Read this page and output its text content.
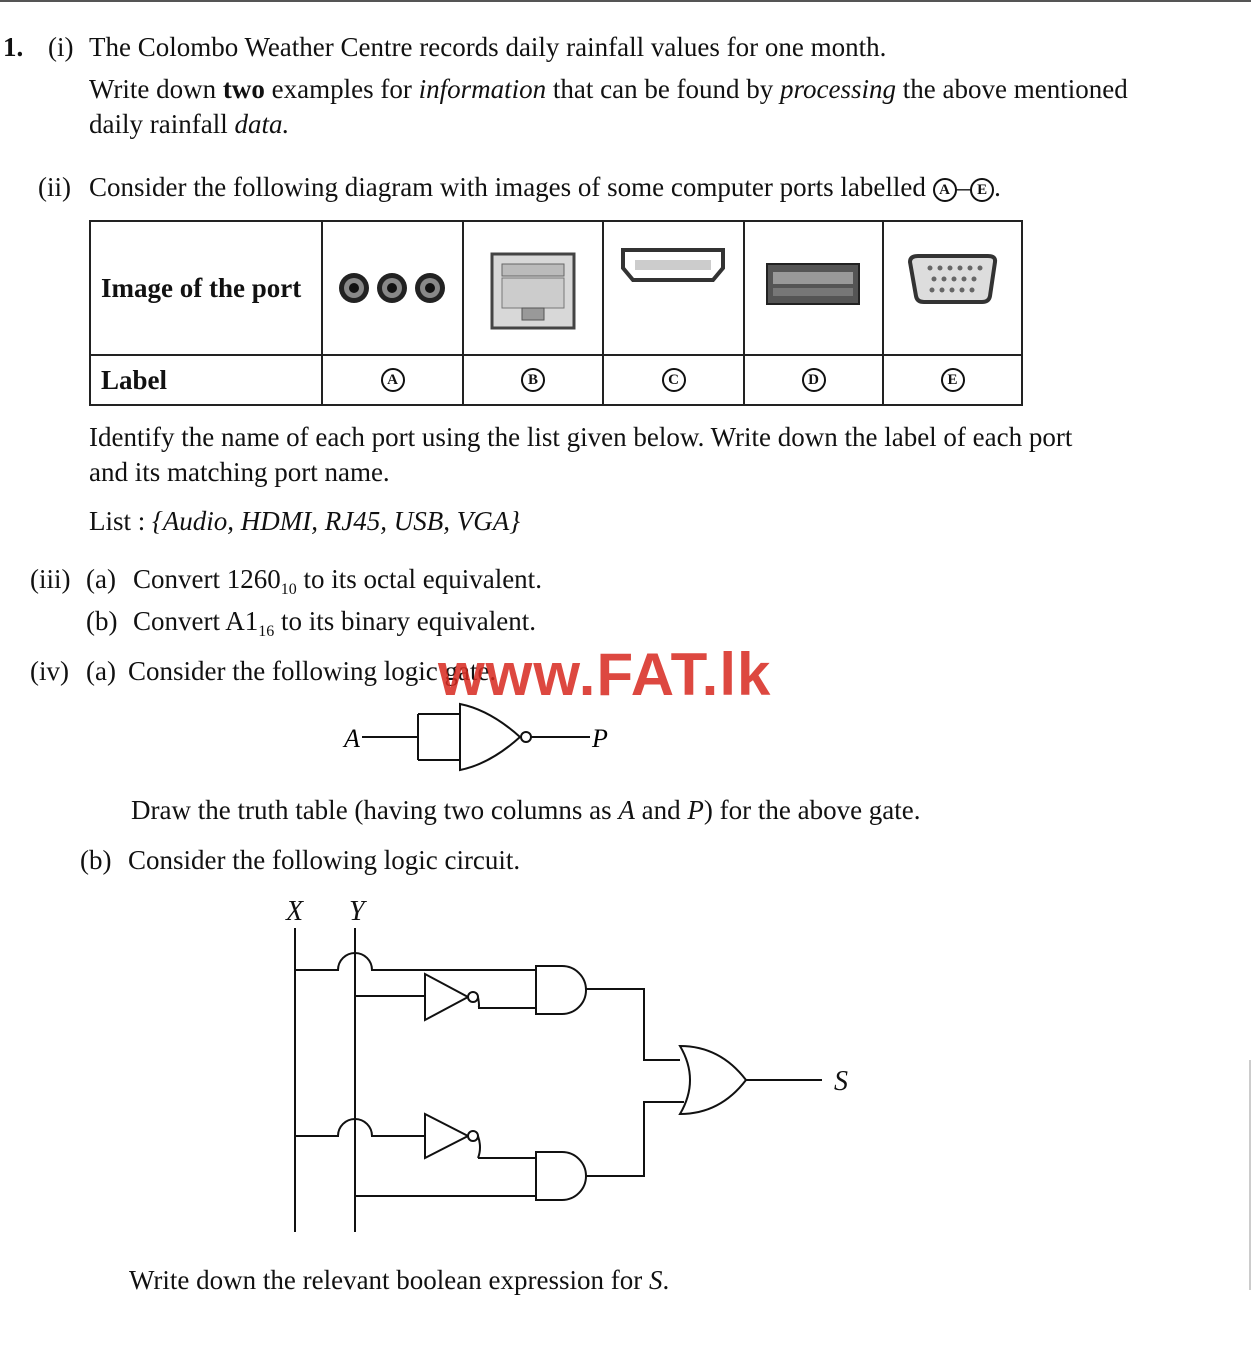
1. (i) The Colombo Weather Centre records daily rainfall values for one month.
Write down two examples for information that can be found by processing the above mentioned
daily rainfall data.
(ii) Consider the following diagram with images of some computer ports labelled A – E .
Image of the port	

Label	A	B	C	D	E
Identify the name of each port using the list given below. Write down the label of each port
and its matching port name.
List : {Audio, HDMI, RJ45, USB, VGA}
(iii) (a) Convert $1260_{10}$ to its octal equivalent.
(b) Convert $A1_{16}$ to its binary equivalent.
(iv) (a) Consider the following logic gate.
www.FAT.lk
A	P
Draw the truth table (having two columns as A and P) for the above gate.
(b) Consider the following logic circuit.
X Y
S
Write down the relevant boolean expression for S.
